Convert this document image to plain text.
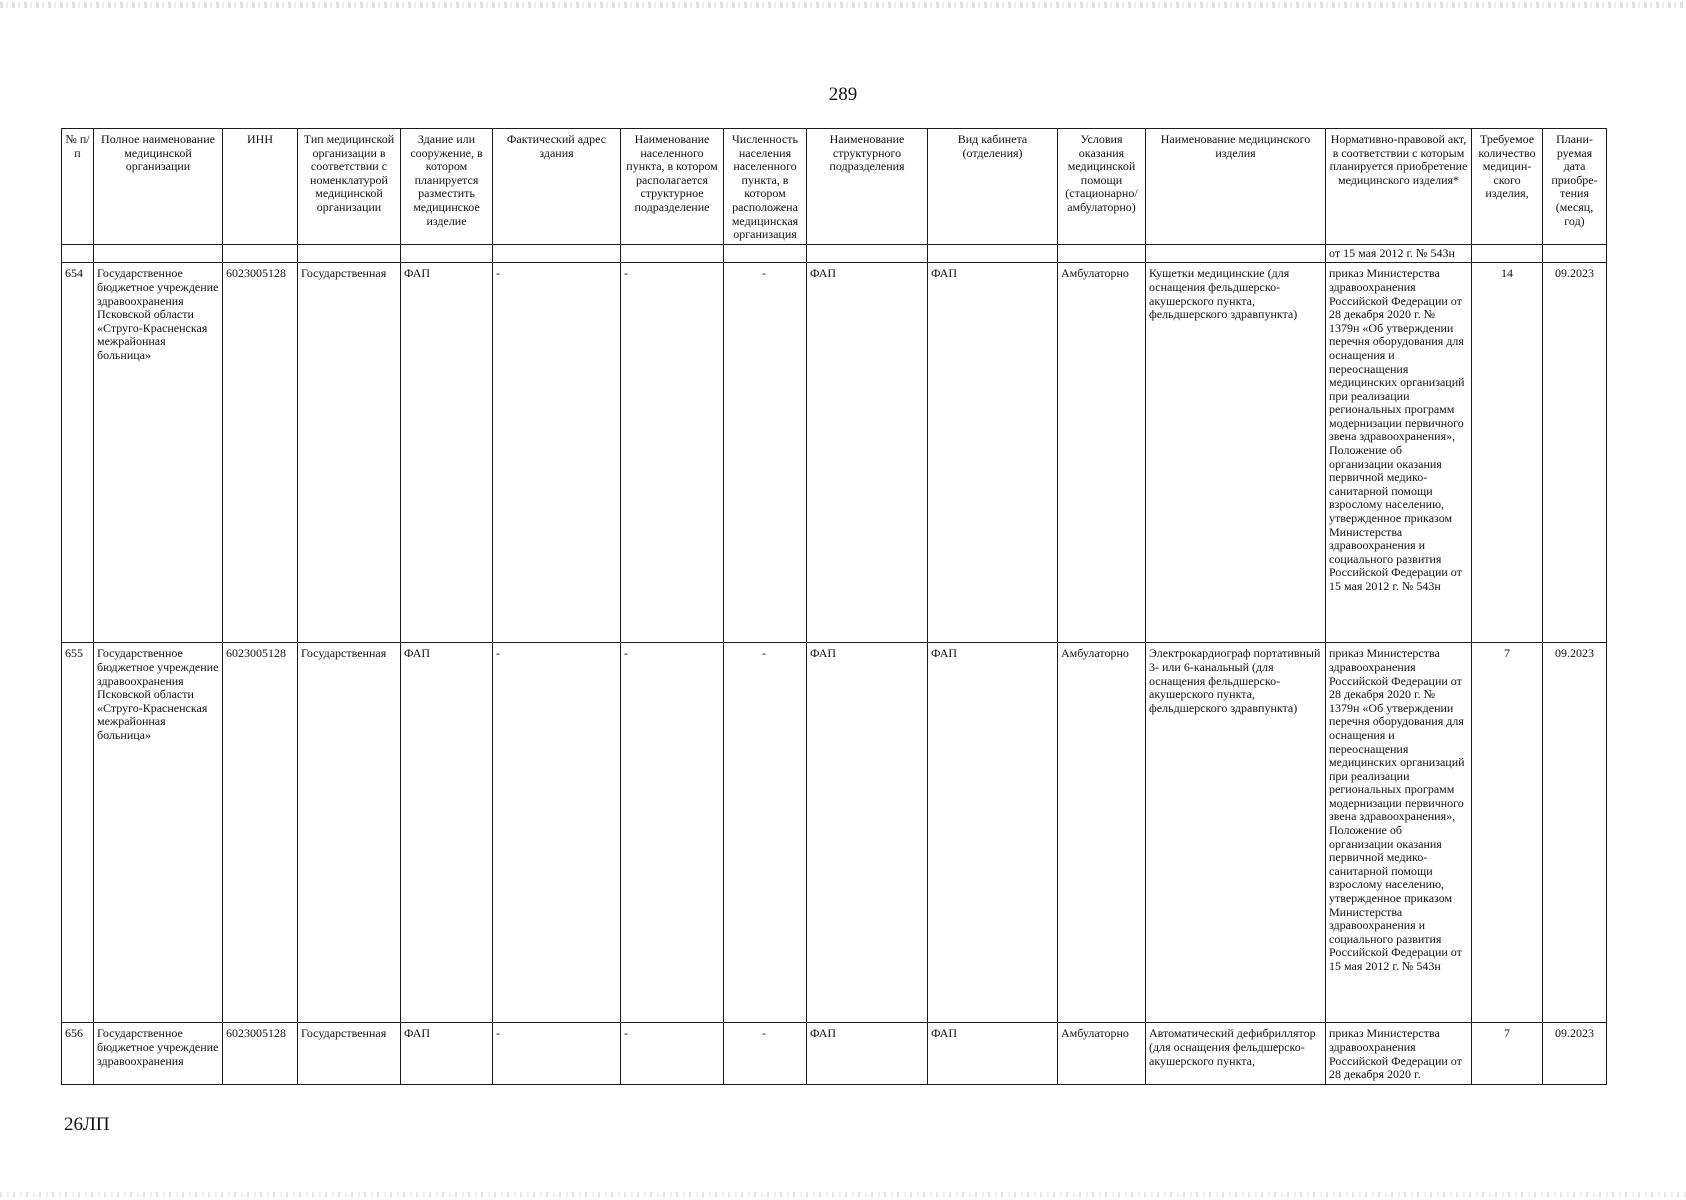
289
№ п/п	Полное наименование медицинской организации	ИНН	Тип медицинской организации в соответствии с номенклатурой медицинской организации	Здание или сооружение, в котором планируется разместить медицинское изделие	Фактический адрес здания	Наименование населенного пункта, в котором располагается структурное подразделение	Численность населения населенного пункта, в котором расположена медицинская организация	Наименование структурного подразделения	Вид кабинета (отделения)	Условия оказания медицинской помощи (стационарно/ амбулаторно)	Наименование медицинского изделия	Нормативно-правовой акт, в соответствии с которым планируется приобретение медицинского изделия*	Требуемое количество медицин-ского изделия,	Плани-руемая дата приобре-тения (месяц, год)
												от 15 мая 2012 г. № 543н		
654	Государственное бюджетное учреждение здравоохранения Псковской области «Струго-Красненская межрайонная больница»	6023005128	Государственная	ФАП	-	-	-	ФАП	ФАП	Амбулаторно	Кушетки медицинские (для оснащения фельдшерско-акушерского пункта, фельдшерского здравпункта)	приказ Министерства здравоохранения Российской Федерации от 28 декабря 2020 г. № 1379н «Об утверждении перечня оборудования для оснащения и переоснащения медицинских организаций при реализации региональных программ модернизации первичного звена здравоохранения», Положение об организации оказания первичной медико-санитарной помощи взрослому населению, утвержденное приказом Министерства здравоохранения и социального развития Российской Федерации от 15 мая 2012 г. № 543н	14	09.2023
655	Государственное бюджетное учреждение здравоохранения Псковской области «Струго-Красненская межрайонная больница»	6023005128	Государственная	ФАП	-	-	-	ФАП	ФАП	Амбулаторно	Электрокардиограф портативный 3- или 6-канальный (для оснащения фельдшерско-акушерского пункта, фельдшерского здравпункта)	приказ Министерства здравоохранения Российской Федерации от 28 декабря 2020 г. № 1379н «Об утверждении перечня оборудования для оснащения и переоснащения медицинских организаций при реализации региональных программ модернизации первичного звена здравоохранения», Положение об организации оказания первичной медико-санитарной помощи взрослому населению, утвержденное приказом Министерства здравоохранения и социального развития Российской Федерации от 15 мая 2012 г. № 543н	7	09.2023
656	Государственное бюджетное учреждение здравоохранения	6023005128	Государственная	ФАП	-	-	-	ФАП	ФАП	Амбулаторно	Автоматический дефибриллятор (для оснащения фельдшерско-акушерского пункта,	приказ Министерства здравоохранения Российской Федерации от 28 декабря 2020 г.	7	09.2023
26ЛП
